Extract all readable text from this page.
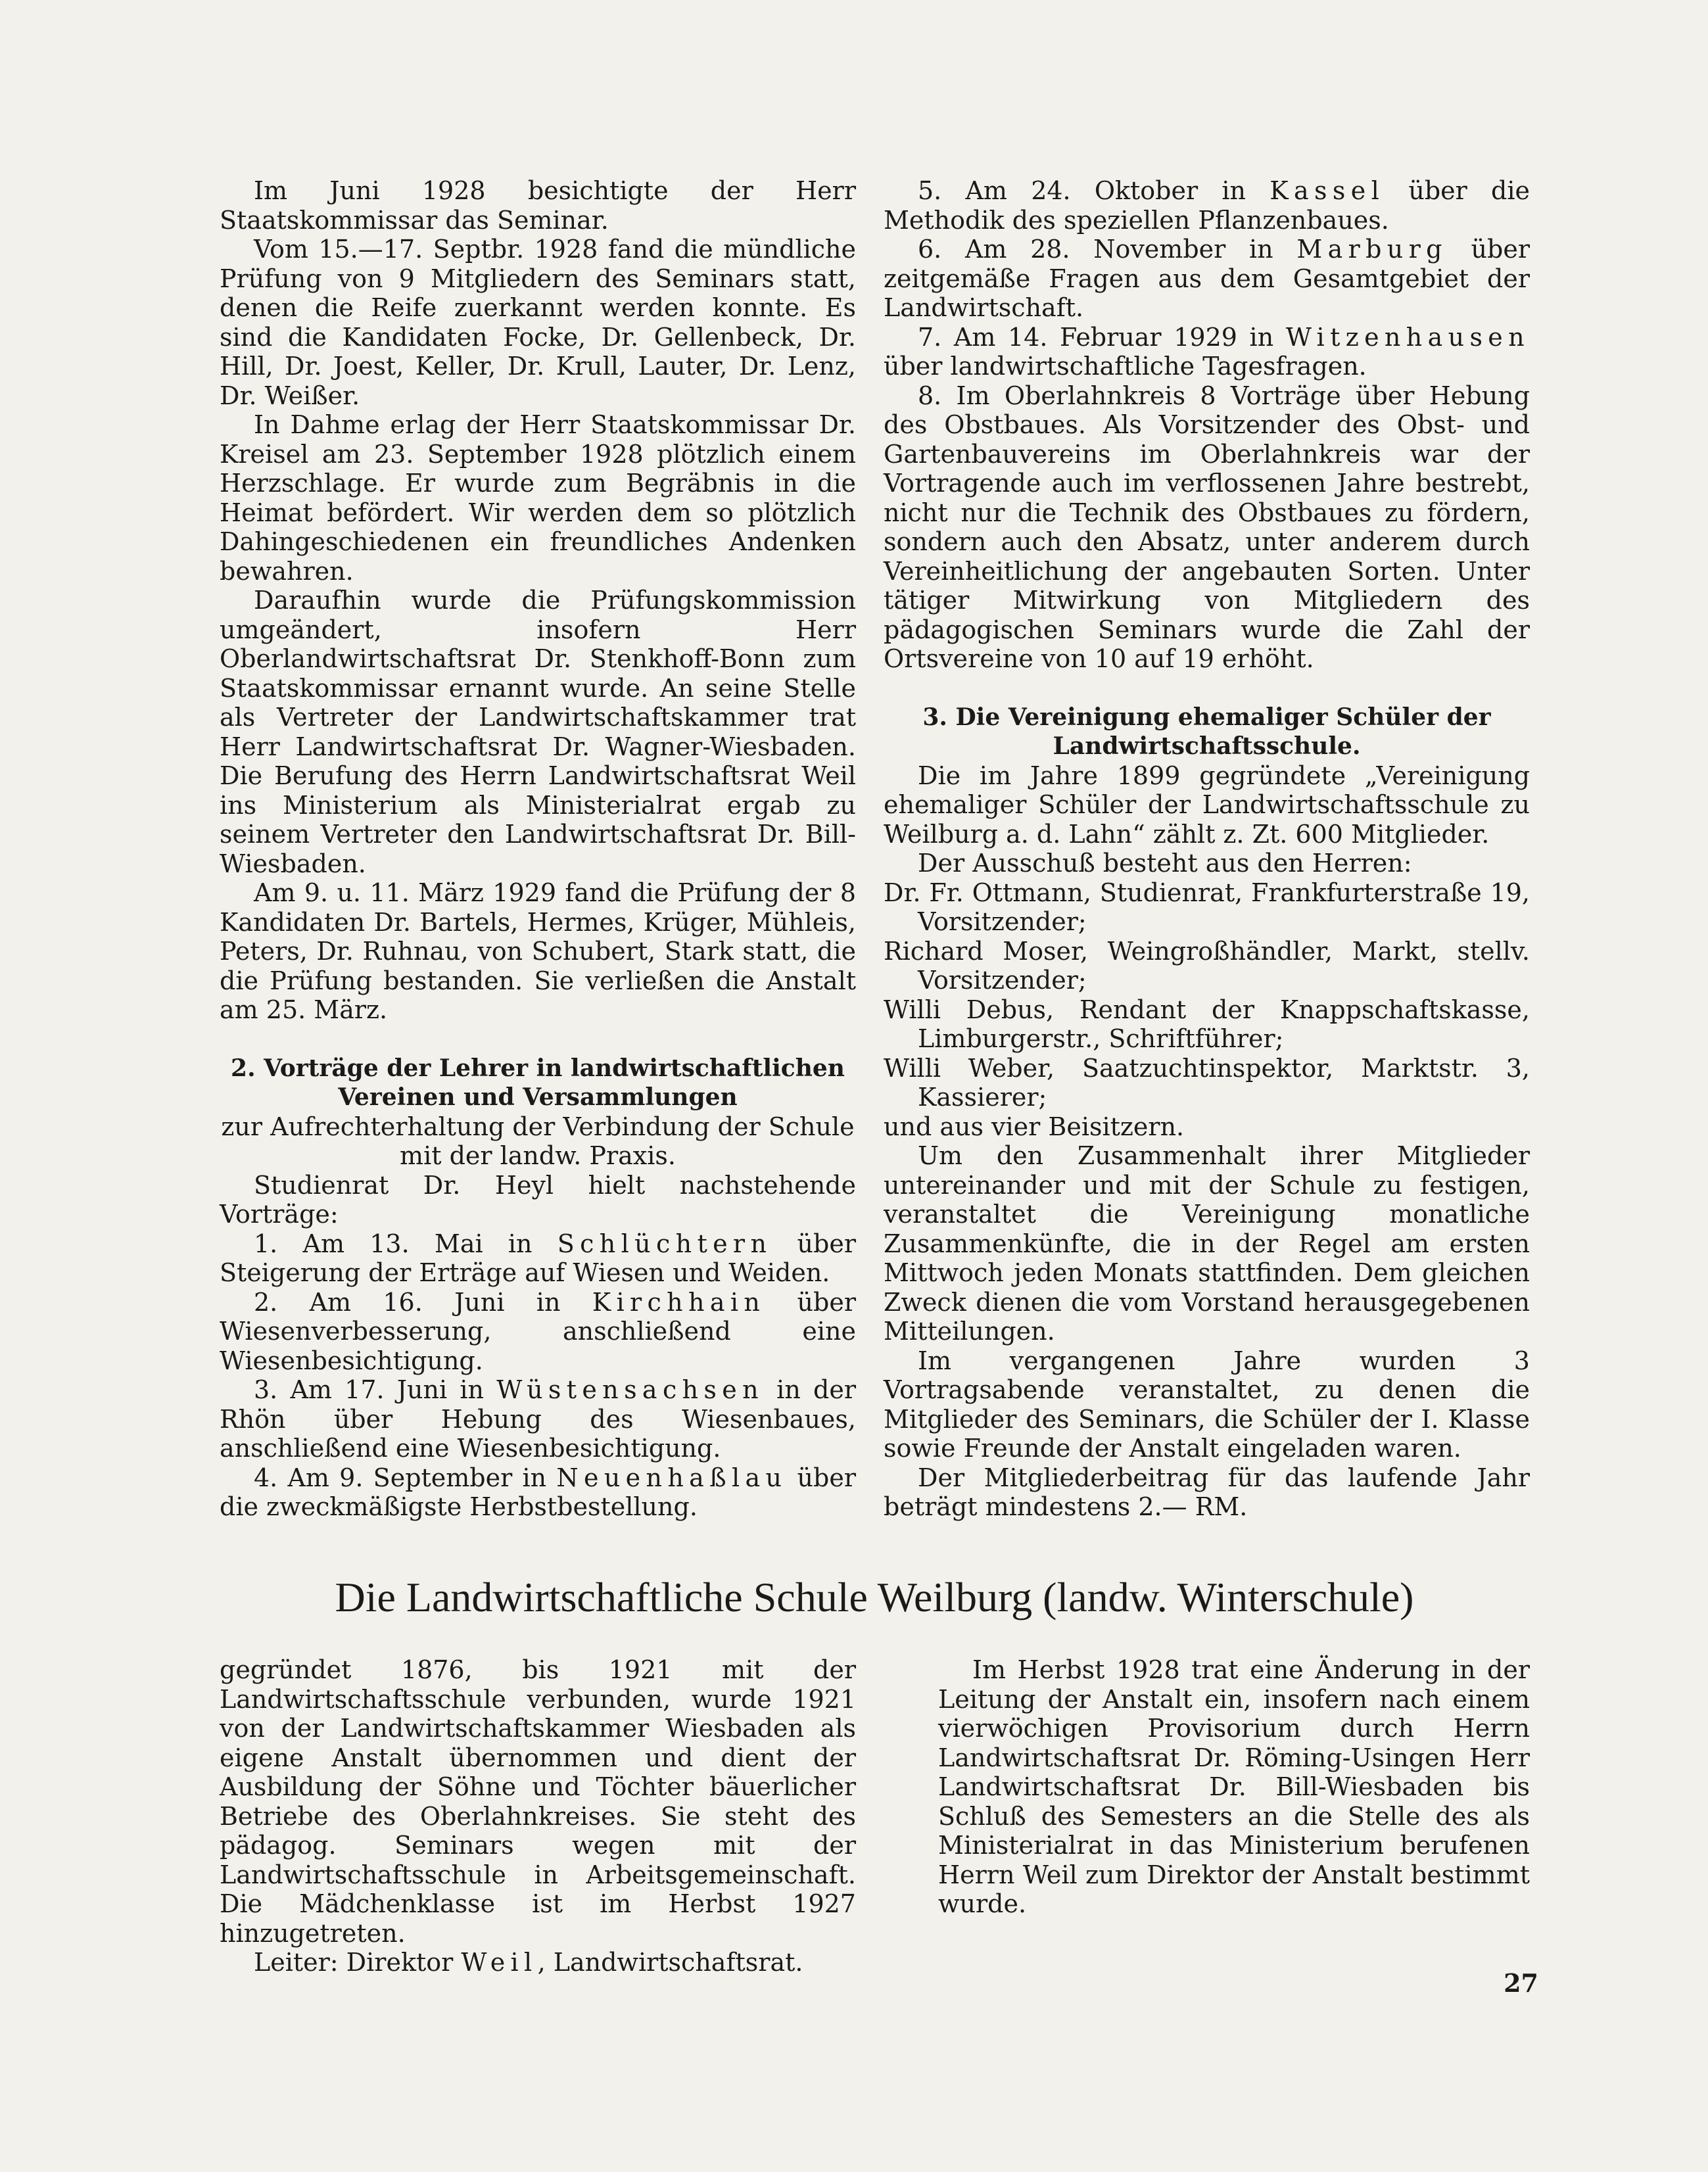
Im Juni 1928 besichtigte der Herr Staatskommissar das Seminar.

Vom 15.—17. Septbr. 1928 fand die mündliche Prüfung von 9 Mitgliedern des Seminars statt, denen die Reife zuerkannt werden konnte. Es sind die Kandidaten Focke, Dr. Gellenbeck, Dr. Hill, Dr. Joest, Keller, Dr. Krull, Lauter, Dr. Lenz, Dr. Weißer.

In Dahme erlag der Herr Staatskommissar Dr. Kreisel am 23. September 1928 plötzlich einem Herzschlage. Er wurde zum Begräbnis in die Heimat befördert. Wir werden dem so plötzlich Dahingeschiedenen ein freundliches Andenken bewahren.

Daraufhin wurde die Prüfungskommission umgeändert, insofern Herr Oberlandwirtschaftsrat Dr. Stenkhoff-Bonn zum Staatskommissar ernannt wurde. An seine Stelle als Vertreter der Landwirtschaftskammer trat Herr Landwirtschaftsrat Dr. Wagner-Wiesbaden. Die Berufung des Herrn Landwirtschaftsrat Weil ins Ministerium als Ministerialrat ergab zu seinem Vertreter den Landwirtschaftsrat Dr. Bill-Wiesbaden.

Am 9. u. 11. März 1929 fand die Prüfung der 8 Kandidaten Dr. Bartels, Hermes, Krüger, Mühleis, Peters, Dr. Ruhnau, von Schubert, Stark statt, die die Prüfung bestanden. Sie verließen die Anstalt am 25. März.

2. Vorträge der Lehrer in landwirtschaftlichen Vereinen und Versammlungen

zur Aufrechterhaltung der Verbindung der Schule mit der landw. Praxis.

Studienrat Dr. Heyl hielt nachstehende Vorträge:

1. Am 13. Mai in Schlüchtern über Steigerung der Erträge auf Wiesen und Weiden.

2. Am 16. Juni in Kirchhain über Wiesenverbesserung, anschließend eine Wiesenbesichtigung.

3. Am 17. Juni in Wüstensachsen in der Rhön über Hebung des Wiesenbaues, anschließend eine Wiesenbesichtigung.

4. Am 9. September in Neuenhaßlau über die zweckmäßigste Herbstbestellung.

5. Am 24. Oktober in Kassel über die Methodik des speziellen Pflanzenbaues.

6. Am 28. November in Marburg über zeitgemäße Fragen aus dem Gesamtgebiet der Landwirtschaft.

7. Am 14. Februar 1929 in Witzenhausen über landwirtschaftliche Tagesfragen.

8. Im Oberlahnkreis 8 Vorträge über Hebung des Obstbaues. Als Vorsitzender des Obst- und Gartenbauvereins im Oberlahnkreis war der Vortragende auch im verflossenen Jahre bestrebt, nicht nur die Technik des Obstbaues zu fördern, sondern auch den Absatz, unter anderem durch Vereinheitlichung der angebauten Sorten. Unter tätiger Mitwirkung von Mitgliedern des pädagogischen Seminars wurde die Zahl der Ortsvereine von 10 auf 19 erhöht.

3. Die Vereinigung ehemaliger Schüler der Landwirtschaftsschule.

Die im Jahre 1899 gegründete „Vereinigung ehemaliger Schüler der Landwirtschaftsschule zu Weilburg a. d. Lahn“ zählt z. Zt. 600 Mitglieder.

Der Ausschuß besteht aus den Herren:

Dr. Fr. Ottmann, Studienrat, Frankfurterstraße 19, Vorsitzender;

Richard Moser, Weingroßhändler, Markt, stellv. Vorsitzender;

Willi Debus, Rendant der Knappschaftskasse, Limburgerstr., Schriftführer;

Willi Weber, Saatzuchtinspektor, Marktstr. 3, Kassierer;

und aus vier Beisitzern.

Um den Zusammenhalt ihrer Mitglieder untereinander und mit der Schule zu festigen, veranstaltet die Vereinigung monatliche Zusammenkünfte, die in der Regel am ersten Mittwoch jeden Monats stattfinden. Dem gleichen Zweck dienen die vom Vorstand herausgegebenen Mitteilungen.

Im vergangenen Jahre wurden 3 Vortragsabende veranstaltet, zu denen die Mitglieder des Seminars, die Schüler der I. Klasse sowie Freunde der Anstalt eingeladen waren.

Der Mitgliederbeitrag für das laufende Jahr beträgt mindestens 2.— RM.

Die Landwirtschaftliche Schule Weilburg (landw. Winterschule)

gegründet 1876, bis 1921 mit der Landwirtschaftsschule verbunden, wurde 1921 von der Landwirtschaftskammer Wiesbaden als eigene Anstalt übernommen und dient der Ausbildung der Söhne und Töchter bäuerlicher Betriebe des Oberlahnkreises. Sie steht des pädagog. Seminars wegen mit der Landwirtschaftsschule in Arbeitsgemeinschaft. Die Mädchenklasse ist im Herbst 1927 hinzugetreten.

Leiter: Direktor Weil, Landwirtschaftsrat.

Im Herbst 1928 trat eine Änderung in der Leitung der Anstalt ein, insofern nach einem vierwöchigen Provisorium durch Herrn Landwirtschaftsrat Dr. Röming-Usingen Herr Landwirtschaftsrat Dr. Bill-Wiesbaden bis Schluß des Semesters an die Stelle des als Ministerialrat in das Ministerium berufenen Herrn Weil zum Direktor der Anstalt bestimmt wurde.

27
